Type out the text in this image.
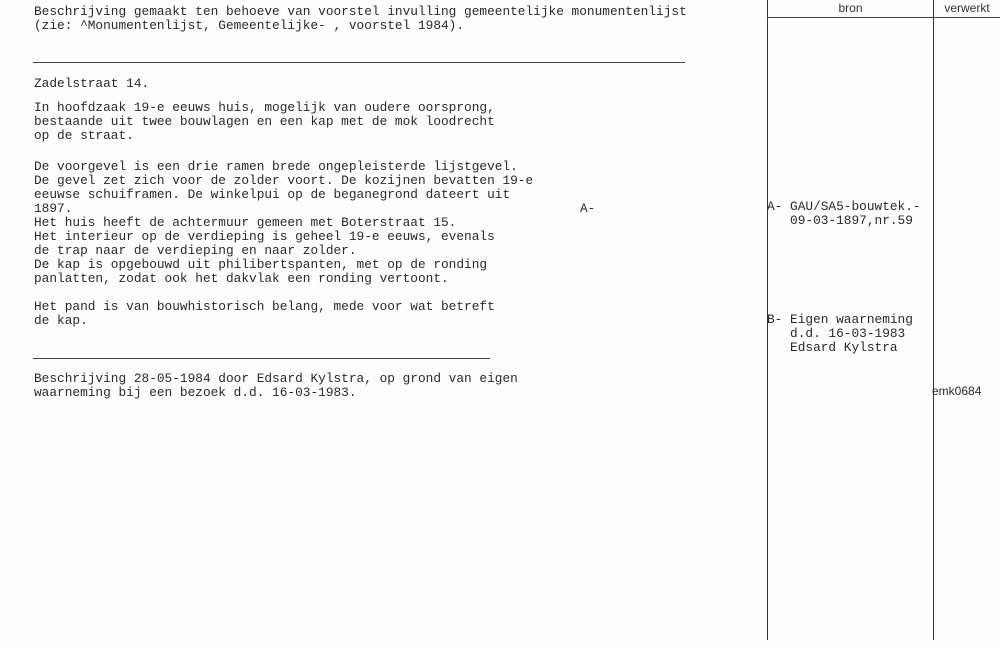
bron	verwerkt
Beschrijving gemaakt ten behoeve van voorstel invulling gemeentelijke monumentenlijst
(zie: ^Monumentenlijst, Gemeentelijke- , voorstel 1984).
Zadelstraat 14.
In hoofdzaak 19-e eeuws huis, mogelijk van oudere oorsprong,
bestaande uit twee bouwlagen en een kap met de mok loodrecht
op de straat.
De voorgevel is een drie ramen brede ongepleisterde lijstgevel.
De gevel zet zich voor de zolder voort. De kozijnen bevatten 19-e
eeuwse schuiframen. De winkelpui op de beganegrond dateert uit
1897.
Het huis heeft de achtermuur gemeen met Boterstraat 15.
Het interieur op de verdieping is geheel 19-e eeuws, evenals
de trap naar de verdieping en naar zolder.
De kap is opgebouwd uit philibertspanten, met op de ronding
panlatten, zodat ook het dakvlak een ronding vertoont.
A-
Het pand is van bouwhistorisch belang, mede voor wat betreft
de kap.
Beschrijving 28-05-1984 door Edsard Kylstra, op grond van eigen
waarneming bij een bezoek d.d. 16-03-1983.
A- GAU/SA5-bouwtek.-
09-03-1897,nr.59
B- Eigen waarneming
d.d. 16-03-1983
Edsard Kylstra
emk0684
